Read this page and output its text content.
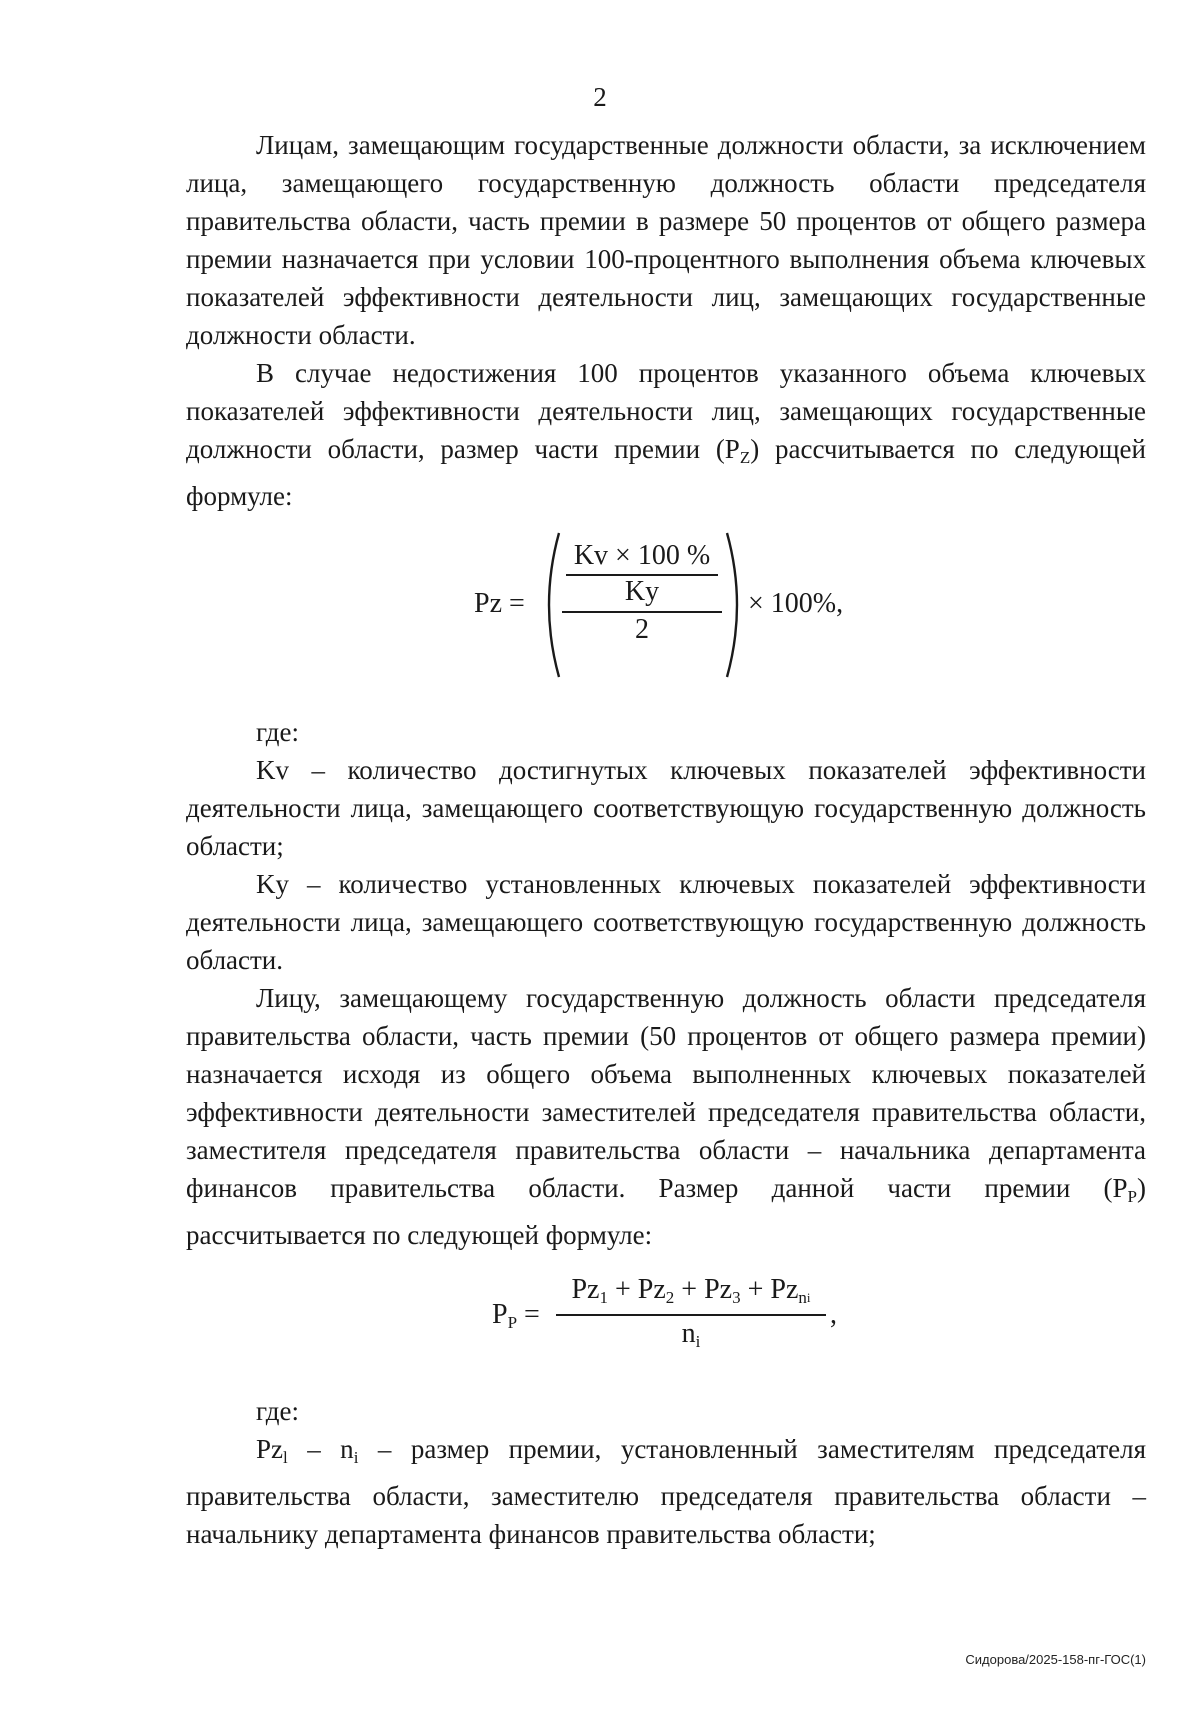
2

Лицам, замещающим государственные должности области, за исключением лица, замещающего государственную должность области председателя правительства области, часть премии в размере 50 процентов от общего размера премии назначается при условии 100-процентного выполнения объема ключевых показателей эффективности деятельности лиц, замещающих государственные должности области.

В случае недостижения 100 процентов указанного объема ключевых показателей эффективности деятельности лиц, замещающих государственные должности области, размер части премии $(P_Z)$ рассчитывается по следующей формуле:

Pz =
Kv × 100 %
Ky
2
× 100%,

где:

Kv – количество достигнутых ключевых показателей эффективности деятельности лица, замещающего соответствующую государственную должность области;

Ky – количество установленных ключевых показателей эффективности деятельности лица, замещающего соответствующую государственную должность области.

Лицу, замещающему государственную должность области председателя правительства области, часть премии (50 процентов от общего размера премии) назначается исходя из общего объема выполненных ключевых показателей эффективности деятельности заместителей председателя правительства области, заместителя председателя правительства области – начальника департамента финансов правительства области. Размер данной части премии $(P_P)$ рассчитывается по следующей формуле:

$P_P$ =
$Pz_1 + Pz_2 + Pz_3 + Pz_ni$
$n_i$
,

где:

$Pz_l - n_i$ – размер премии, установленный заместителям председателя правительства области, заместителю председателя правительства области – начальнику департамента финансов правительства области;

Сидорова/2025-158-пг-ГОС(1)
